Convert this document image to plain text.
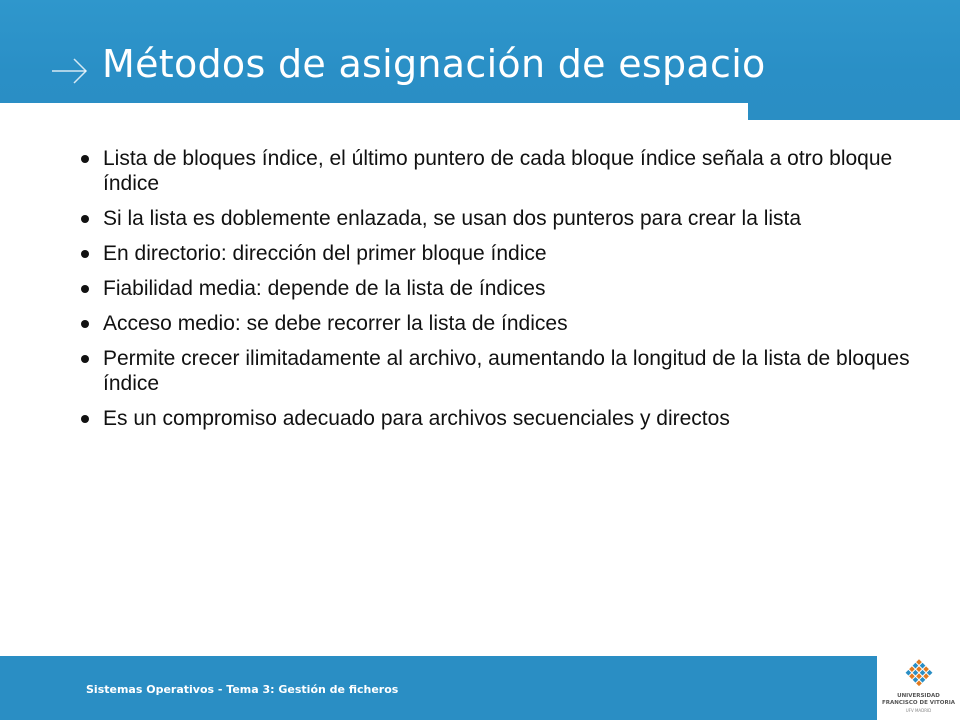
Métodos de asignación de espacio
Lista de bloques índice, el último puntero de cada bloque índice señala a otro bloque índice
Si la lista es doblemente enlazada, se usan dos punteros para crear la lista
En directorio: dirección del primer bloque índice
Fiabilidad media: depende de la lista de índices
Acceso medio: se debe recorrer la lista de índices
Permite crecer ilimitadamente al archivo, aumentando la longitud de la lista de bloques índice
Es un compromiso adecuado para archivos secuenciales y directos
Sistemas Operativos - Tema 3: Gestión de ficheros	UNIVERSIDAD
FRANCISCO DE VITORIA
UFV MADRID
